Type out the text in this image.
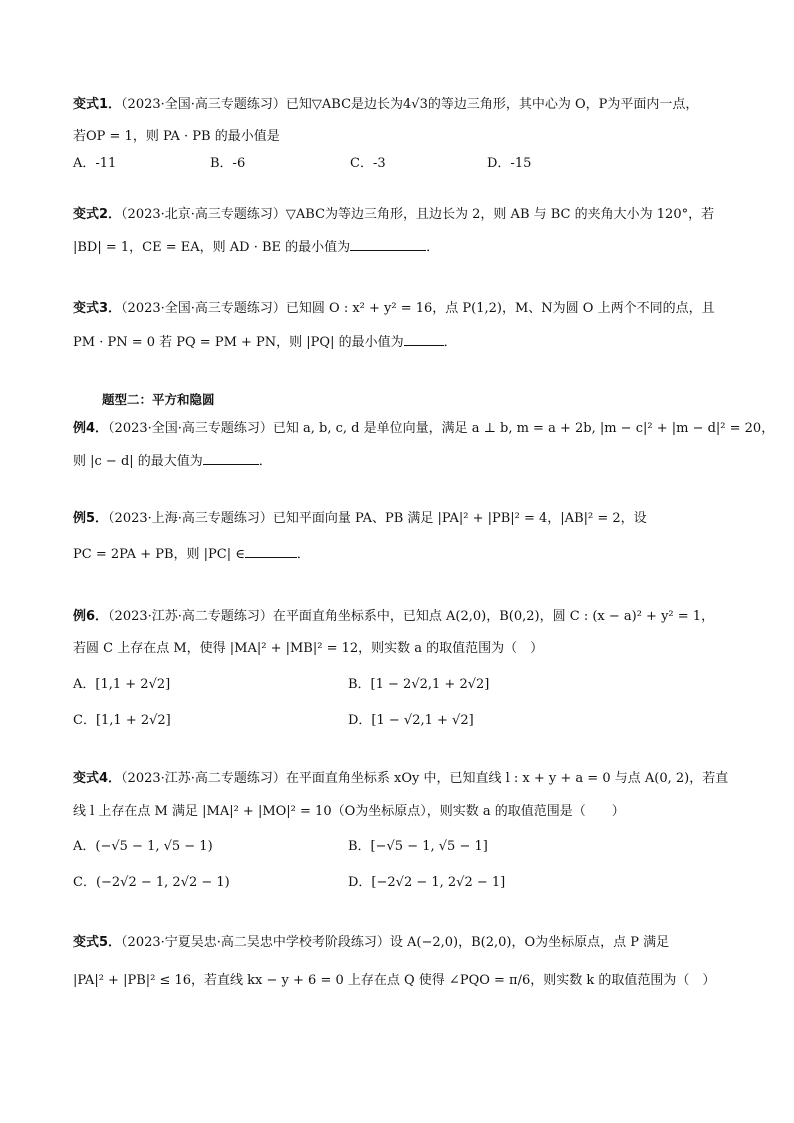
变式1．（2023·全国·高三专题练习）已知▽ABC是边长为4√3的等边三角形，其中心为 O，P为平面内一点，
若OP = 1，则 PA · PB 的最小值是
A．-11	B．-6	C．-3	D．-15
变式2．（2023·北京·高三专题练习）▽ABC为等边三角形，且边长为 2，则 AB 与 BC 的夹角大小为 120°，若
|BD| = 1，CE = EA，则 AD · BE 的最小值为	．
变式3．（2023·全国·高三专题练习）已知圆 O : x² + y² = 16，点 P(1,2)，M、N为圆 O 上两个不同的点，且
PM · PN = 0 若 PQ = PM + PN，则 |PQ| 的最小值为	．
题型二：平方和隐圆
例4．（2023·全国·高三专题练习）已知 a, b, c, d 是单位向量，满足 a ⊥ b, m = a + 2b, |m − c|² + |m − d|² = 20，
则 |c − d| 的最大值为	．
例5．（2023·上海·高三专题练习）已知平面向量 PA、PB 满足 |PA|² + |PB|² = 4，|AB|² = 2，设
PC = 2PA + PB，则 |PC| ∈	．
例6．（2023·江苏·高二专题练习）在平面直角坐标系中，已知点 A(2,0)，B(0,2)，圆 C : (x − a)² + y² = 1，
若圆 C 上存在点 M，使得 |MA|² + |MB|² = 12，则实数 a 的取值范围为（　）
A．[1,1 + 2√2]	B．[1 − 2√2,1 + 2√2]
C．[1,1 + 2√2]	D．[1 − √2,1 + √2]
变式4．（2023·江苏·高二专题练习）在平面直角坐标系 xOy 中，已知直线 l : x + y + a = 0 与点 A(0, 2)，若直
线 l 上存在点 M 满足 |MA|² + |MO|² = 10（O为坐标原点），则实数 a 的取值范围是（　　）
A．(−√5 − 1, √5 − 1)	B．[−√5 − 1, √5 − 1]
C．(−2√2 − 1, 2√2 − 1)	D．[−2√2 − 1, 2√2 − 1]
变式5．（2023·宁夏吴忠·高二吴忠中学校考阶段练习）设 A(−2,0)，B(2,0)，O为坐标原点，点 P 满足
|PA|² + |PB|² ≤ 16，若直线 kx − y + 6 = 0 上存在点 Q 使得 ∠PQO = π/6，则实数 k 的取值范围为（　）
